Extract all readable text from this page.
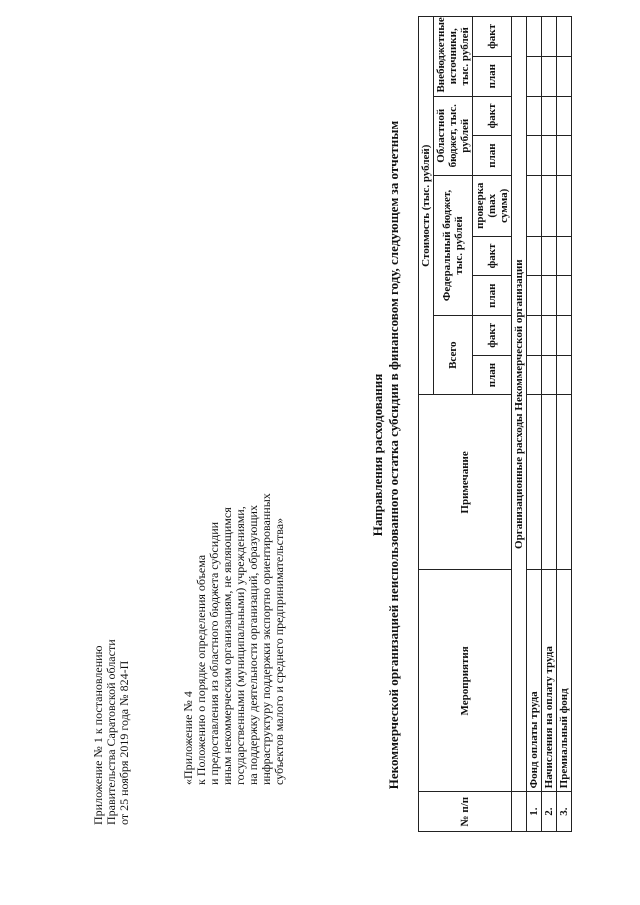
Приложение № 1 к постановлению Правительства Саратовской области от 25 ноября 2019 года № 824-П	«Приложение № 4 к Положению о порядке определения объема и предоставления из областного бюджета субсидии иным некоммерческим организациям, не являющимся государственными (муниципальными) учреждениями, на поддержку деятельности организаций, образующих инфраструктуру поддержки экспортно ориентированных субъектов малого и среднего предпринимательства»
Направления расходования Некоммерческой организацией неиспользованного остатка субсидии в финансовом году, следующем за отчетным
№ п/п	Мероприятия	Примечание	Стоимость (тыс. рублей)								
			Всего		Федеральный бюджет, тыс. рублей			Областной бюджет, тыс. рублей		Внебюджетные источники, тыс. рублей	
			план	факт	план	факт	проверка (max сумма)	план	факт	план	факт
	Организационные расходы Некоммерческой организации										
1.	Фонд оплаты труда										
2.	Начисления на оплату труда										
3.	Премиальный фонд										
